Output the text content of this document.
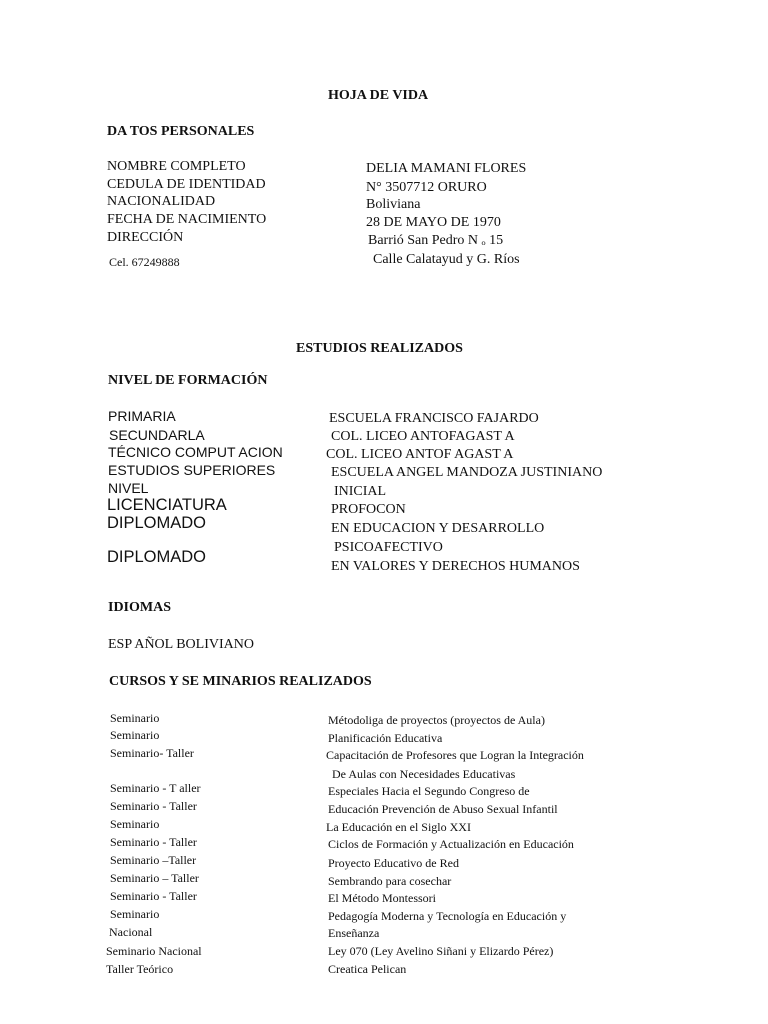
HOJA DE VIDA
DA TOS PERSONALES
NOMBRE COMPLETO
CEDULA DE IDENTIDAD
NACIONALIDAD
FECHA DE NACIMIENTO
DIRECCIÓN
Cel. 67249888
DELIA MAMANI FLORES
N° 3507712 ORURO
Boliviana
28 DE MAYO DE 1970
Barrió San Pedro N ₒ 15
Calle Calatayud y G. Ríos
ESTUDIOS REALIZADOS
NIVEL DE FORMACIÓN
PRIMARIA
SECUNDARLA
TÉCNICO COMPUT ACION
ESTUDIOS SUPERIORES
NIVEL
LICENCIATURA
DIPLOMADO
DIPLOMADO
ESCUELA FRANCISCO FAJARDO
COL. LICEO ANTOFAGAST A
COL. LICEO ANTOF AGAST A
ESCUELA ANGEL MANDOZA JUSTINIANO
INICIAL
PROFOCON
EN EDUCACION Y DESARROLLO
PSICOAFECTIVO
EN VALORES Y DERECHOS HUMANOS
IDIOMAS
ESP AÑOL BOLIVIANO
CURSOS Y SE MINARIOS REALIZADOS
Seminario
Seminario
Seminario- Taller
Seminario - T aller
Seminario - Taller
Seminario
Seminario - Taller
Seminario –Taller
Seminario – Taller
Seminario - Taller
Seminario
Nacional
Seminario Nacional
Taller Teórico
Métodoliga de proyectos (proyectos de Aula)
Planificación Educativa
Capacitación de Profesores que Logran la Integración
De Aulas con Necesidades Educativas
Especiales Hacia el Segundo Congreso de
Educación Prevención de Abuso Sexual Infantil
La Educación en el Siglo XXI
Ciclos de Formación y Actualización en Educación
Proyecto Educativo de Red
Sembrando para cosechar
El Método Montessori
Pedagogía Moderna y Tecnología en Educación y
Enseñanza
Ley 070 (Ley Avelino Siñani y Elizardo Pérez)
Creatica Pelican
